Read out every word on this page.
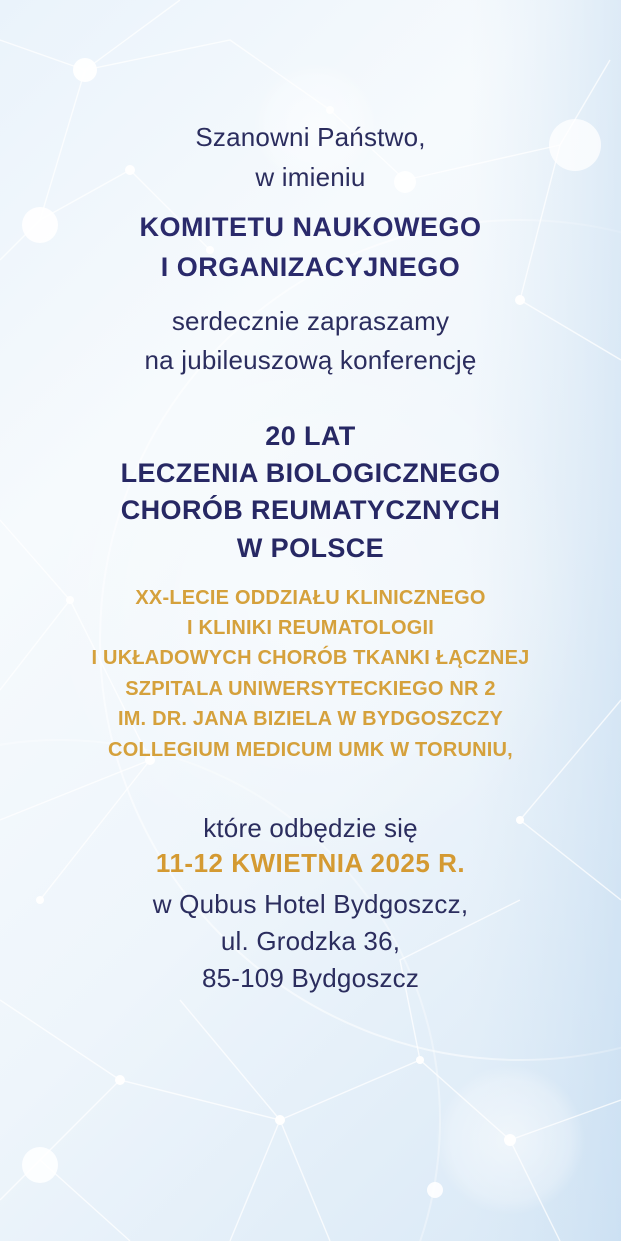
Szanowni Państwo,
w imieniu
KOMITETU NAUKOWEGO
I ORGANIZACYJNEGO
serdecznie zapraszamy
na jubileuszową konferencję
20 LAT
LECZENIA BIOLOGICZNEGO
CHORÓB REUMATYCZNYCH
W POLSCE
XX-LECIE ODDZIAŁU KLINICZNEGO
I KLINIKI REUMATOLOGII
I UKŁADOWYCH CHORÓB TKANKI ŁĄCZNEJ
SZPITALA UNIWERSYTECKIEGO NR 2
IM. DR. JANA BIZIELA W BYDGOSZCZY
COLLEGIUM MEDICUM UMK W TORUNIU,
które odbędzie się
11-12 KWIETNIA 2025 R.
w Qubus Hotel Bydgoszcz,
ul. Grodzka 36,
85-109 Bydgoszcz
